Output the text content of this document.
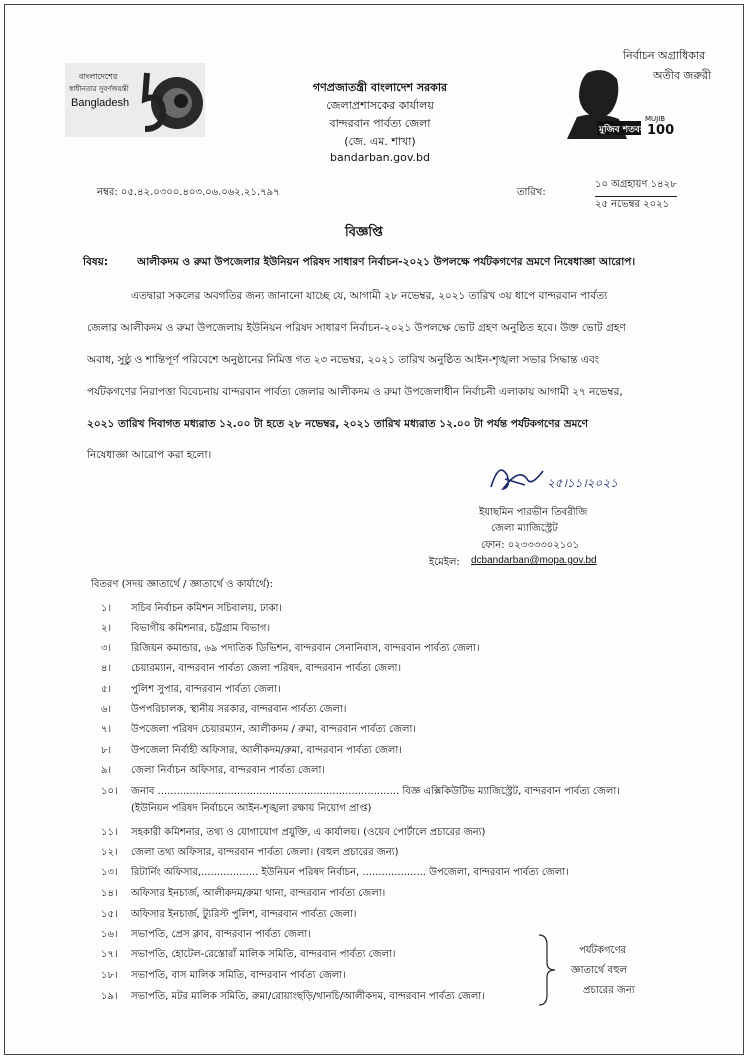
নির্বাচন অগ্রাধিকার
অতীব জরুরী
বাংলাদেশের
স্বাধীনতার সুবর্ণজয়ন্তী
Bangladesh
গণপ্রজাতন্ত্রী বাংলাদেশ সরকার
জেলাপ্রশাসকের কার্যালয়
বান্দরবান পার্বত্য জেলা
(জে. এম. শাখা)
bandarban.gov.bd
মুজিব শতবর্ষ
MUJIB
100
নম্বর: ০৫.৪২.০৩০০.৪০৩.০৬.০৬২.২১.৭৯৭	তারিখ:
১০ অগ্রহায়ণ ১৪২৮
২৫ নভেম্বর ২০২১
বিজ্ঞপ্তি
বিষয়:	আলীকদম ও রুমা উপজেলার ইউনিয়ন পরিষদ সাধারণ নির্বাচন-২০২১ উপলক্ষে পর্যটকগণের ভ্রমণে নিষেধাজ্ঞা আরোপ।
এতদ্বারা সকলের অবগতির জন্য জানানো যাচ্ছে যে, আগামী ২৮ নভেম্বর, ২০২১ তারিখ ৩য় ধাপে বান্দরবান পার্বত্য
জেলার আলীকদম ও রুমা উপজেলায় ইউনিয়ন পরিষদ সাধারণ নির্বাচন-২০২১ উপলক্ষে ভোট গ্রহণ অনুষ্ঠিত হবে। উক্ত ভোট গ্রহণ
অবাধ, সুষ্ঠু ও শান্তিপূর্ণ পরিবেশে অনুষ্ঠানের নিমিত্ত গত ২৩ নভেম্বর, ২০২১ তারিখ অনুষ্ঠিত আইন-শৃঙ্খলা সভার সিদ্ধান্ত এবং
পর্যটকগণের নিরাপত্তা বিবেচনায় বান্দরবান পার্বত্য জেলার আলীকদম ও রুমা উপজেলাধীন নির্বাচনী এলাকায় আগামী ২৭ নভেম্বর,
২০২১ তারিখ দিবাগত মধ্যরাত ১২.০০ টা হতে ২৮ নভেম্বর, ২০২১ তারিখ মধ্যরাত ১২.০০ টা পর্যন্ত পর্যটকগণের ভ্রমণে
নিষেধাজ্ঞা আরোপ করা হলো।
২৫।১১।২০২১
ইয়াছমিন পারভীন তিবরীজি
জেলা ম্যাজিস্ট্রেট
ফোন: ০২৩৩৩৩০২১০১
ইমেইল: dcbandarban@mopa.gov.bd
বিতরণ (সদয় জ্ঞাতার্থে / জ্ঞাতার্থে ও কার্যার্থে):
১। সচিব নির্বাচন কমিশন সচিবালয়, ঢাকা।
২। বিভাগীয় কমিশনার, চট্টগ্রাম বিভাগ।
৩। রিজিয়ন কমান্ডার, ৬৯ পদাতিক ডিভিশন, বান্দরবান সেনানিবাস, বান্দরবান পার্বত্য জেলা।
৪। চেয়ারম্যান, বান্দরবান পার্বত্য জেলা পরিষদ, বান্দরবান পার্বত্য জেলা।
৫। পুলিশ সুপার, বান্দরবান পার্বত্য জেলা।
৬। উপপরিচালক, স্থানীয় সরকার, বান্দরবান পার্বত্য জেলা।
৭। উপজেলা পরিষদ চেয়ারম্যান, আলীকদম / রুমা, বান্দরবান পার্বত্য জেলা।
৮। উপজেলা নির্বাহী অফিসার, আলীকদম/রুমা, বান্দরবান পার্বত্য জেলা।
৯। জেলা নির্বাচন অফিসার, বান্দরবান পার্বত্য জেলা।
১০। জনাব ............................................................................ বিজ্ঞ এক্সিকিউটিভ ম্যাজিস্ট্রেট, বান্দরবান পার্বত্য জেলা।
(ইউনিয়ন পরিষদ নির্বাচনে আইন-শৃঙ্খলা রক্ষায় নিয়োগ প্রাপ্ত)
১১। সহকারী কমিশনার, তথ্য ও যোগাযোগ প্রযুক্তি, এ কার্যালয়। (ওয়েব পোর্টালে প্রচারের জন্য)
১২। জেলা তথ্য অফিসার, বান্দরবান পার্বত্য জেলা। (বহুল প্রচারের জন্য)
১৩। রিটার্নিং অফিসার,.................. ইউনিয়ন পরিষদ নির্বাচন, .................... উপজেলা, বান্দরবান পার্বত্য জেলা।
১৪। অফিসার ইনচার্জ, আলীকদম/রুমা থানা, বান্দরবান পার্বত্য জেলা।
১৫। অফিসার ইনচার্জ, ট্যুরিস্ট পুলিশ, বান্দরবান পার্বত্য জেলা।
১৬। সভাপতি, প্রেস ক্লাব, বান্দরবান পার্বত্য জেলা।
১৭। সভাপতি, হোটেল-রেস্তোরাঁ মালিক সমিতি, বান্দরবান পার্বত্য জেলা।
১৮। সভাপতি, বাস মালিক সমিতি, বান্দরবান পার্বত্য জেলা।
১৯। সভাপতি, মটর মালিক সমিতি, রুমা/রোয়াংছড়ি/থানচি/আলীকদম, বান্দরবান পার্বত্য জেলা।
পর্যটকগণের
জ্ঞাতার্থে বহুল
প্রচারের জন্য
